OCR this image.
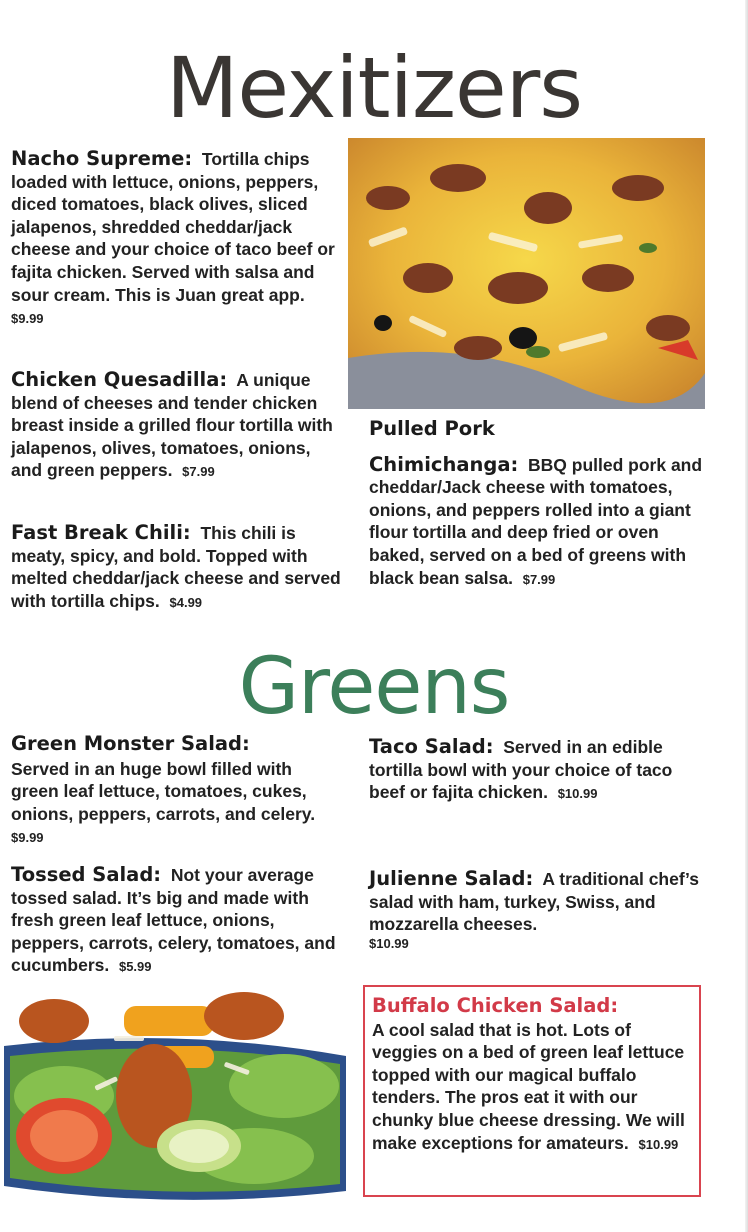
Mexitizers
Nacho Supreme: Tortilla chips loaded with lettuce, onions, peppers, diced tomatoes, black olives, sliced jalapenos, shredded cheddar/jack cheese and your choice of taco beef or fajita chicken. Served with salsa and sour cream. This is Juan great app.  $9.99
Chicken Quesadilla: A unique blend of cheeses and tender chicken breast inside a grilled flour tortilla with jalapenos, olives, tomatoes, onions, and green peppers. $7.99
Fast Break Chili: This chili is meaty, spicy, and bold. Topped with melted cheddar/jack cheese and served with tortilla chips. $4.99
Pulled Pork
Chimichanga: BBQ pulled pork and cheddar/Jack cheese with tomatoes, onions, and peppers rolled into a giant flour tortilla and deep fried or oven baked, served on a bed of greens with black bean salsa. $7.99
Greens
Green Monster Salad:
Served in an huge bowl filled with green leaf lettuce, tomatoes, cukes, onions, peppers, carrots, and celery.  $9.99
Taco Salad: Served in an edible tortilla bowl with your choice of taco beef or fajita chicken. $10.99
Tossed Salad: Not your average tossed salad. It’s big and made with fresh green leaf lettuce, onions, peppers, carrots, celery, tomatoes, and cucumbers. $5.99
Julienne Salad: A traditional chef’s salad with ham, turkey, Swiss, and mozzarella cheeses.
$10.99
Buffalo Chicken Salad:
A cool salad that is hot. Lots of veggies on a bed of green leaf lettuce topped with our magical buffalo tenders. The pros eat it with our chunky blue cheese dressing. We will make exceptions for amateurs. $10.99
